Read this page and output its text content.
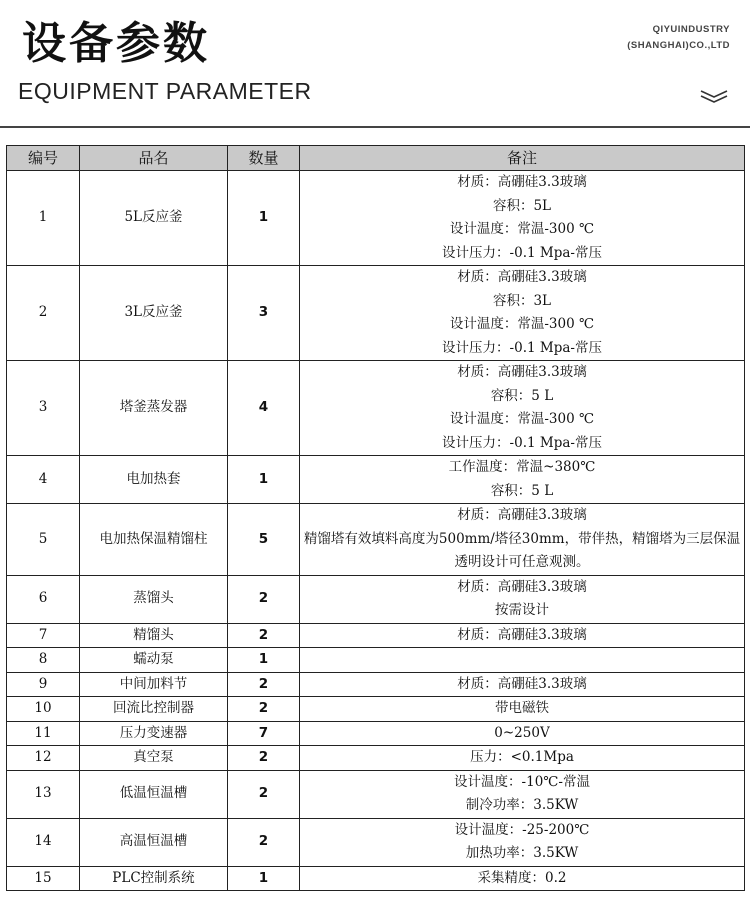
设备参数
EQUIPMENT PARAMETER
QIYUINDUSTRY
(SHANGHAI)CO.,LTD
编号	品名	数量	备注
1	5L反应釜	1	材质：高硼硅3.3玻璃
容积：5L
设计温度：常温-300 ℃
设计压力：-0.1 Mpa-常压

2	3L反应釜	3	材质：高硼硅3.3玻璃
容积：3L
设计温度：常温-300 ℃
设计压力：-0.1 Mpa-常压

3	塔釜蒸发器	4	材质：高硼硅3.3玻璃
容积：5 L
设计温度：常温-300 ℃
设计压力：-0.1 Mpa-常压

4	电加热套	1	工作温度：常温~380℃
容积：5 L

5	电加热保温精馏柱	5	材质：高硼硅3.3玻璃
精馏塔有效填料高度为500mm/塔径30mm，带伴热，精馏塔为三层保温透明设计可任意观测。

6	蒸馏头	2	材质：高硼硅3.3玻璃
按需设计

7	精馏头	2	材质：高硼硅3.3玻璃

8	蠕动泵	1	
9	中间加料节	2	材质：高硼硅3.3玻璃

10	回流比控制器	2	带电磁铁

11	压力变速器	7	0~250V

12	真空泵	2	压力：<0.1Mpa

13	低温恒温槽	2	设计温度：-10℃-常温
制冷功率：3.5KW

14	高温恒温槽	2	设计温度：-25-200℃
加热功率：3.5KW

15	PLC控制系统	1	采集精度：0.2
